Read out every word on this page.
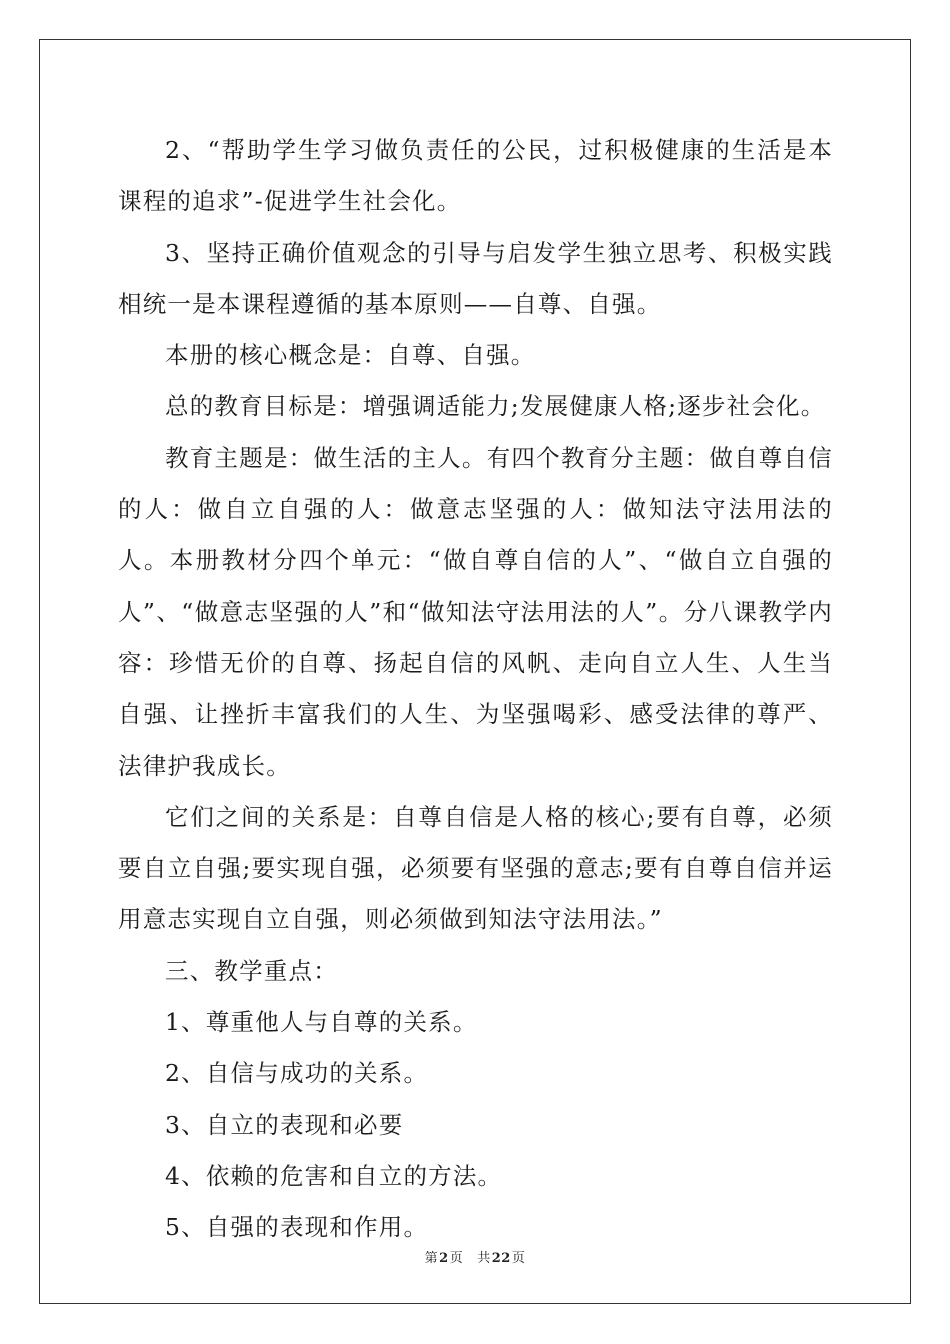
2、“帮助学生学习做负责任的公民，过积极健康的生活是本课程的追求”-促进学生社会化。

3、坚持正确价值观念的引导与启发学生独立思考、积极实践相统一是本课程遵循的基本原则——自尊、自强。

本册的核心概念是：自尊、自强。

总的教育目标是：增强调适能力;发展健康人格;逐步社会化。

教育主题是：做生活的主人。有四个教育分主题：做自尊自信的人：做自立自强的人：做意志坚强的人：做知法守法用法的人。本册教材分四个单元：“做自尊自信的人”、“做自立自强的人”、“做意志坚强的人”和“做知法守法用法的人”。分八课教学内容：珍惜无价的自尊、扬起自信的风帆、走向自立人生、人生当自强、让挫折丰富我们的人生、为坚强喝彩、感受法律的尊严、法律护我成长。

它们之间的关系是：自尊自信是人格的核心;要有自尊，必须要自立自强;要实现自强，必须要有坚强的意志;要有自尊自信并运用意志实现自立自强，则必须做到知法守法用法。”

三、教学重点：

1、尊重他人与自尊的关系。

2、自信与成功的关系。

3、自立的表现和必要

4、依赖的危害和自立的方法。

5、自强的表现和作用。

第2页 共22页
